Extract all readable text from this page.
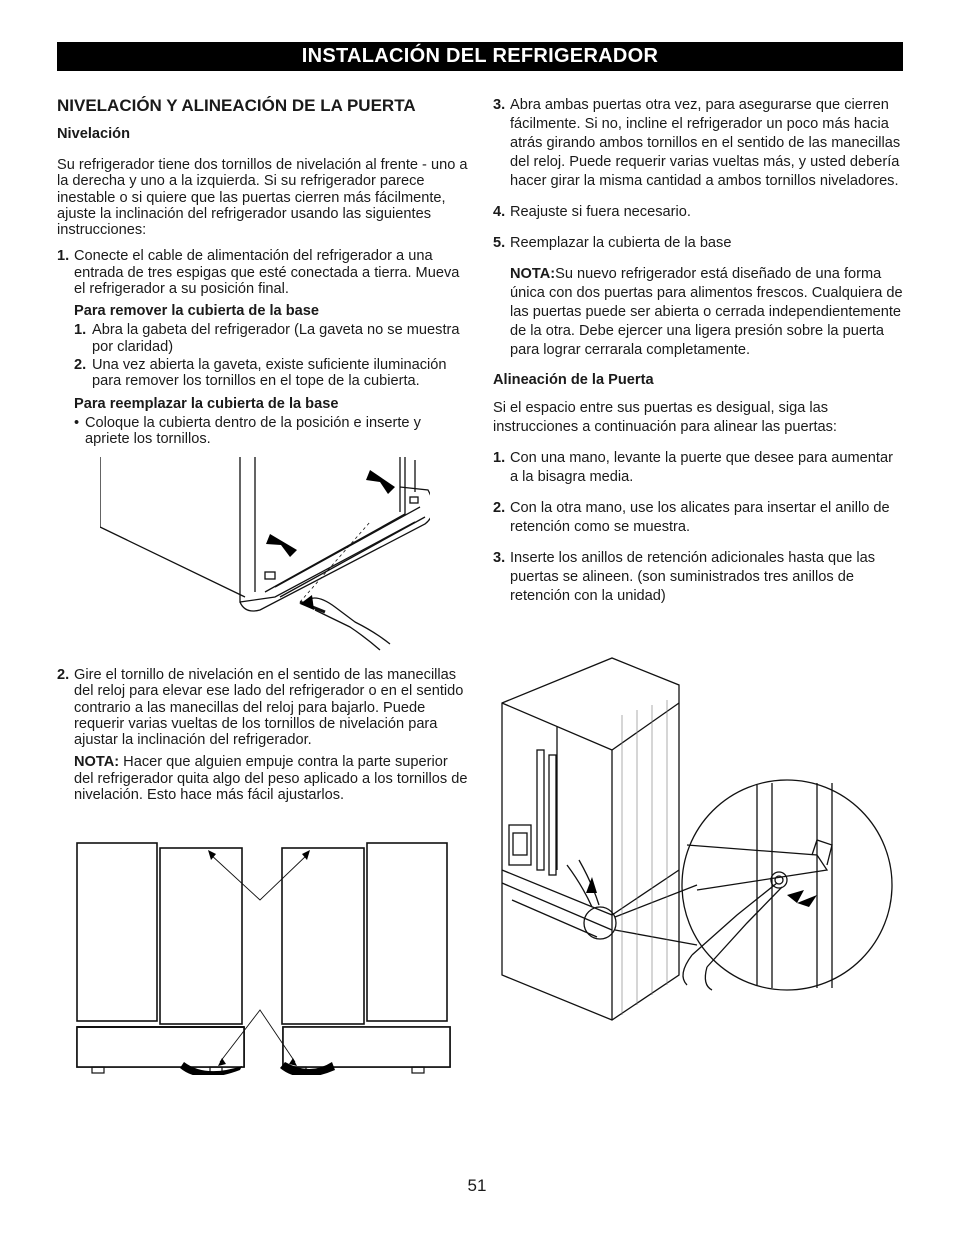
INSTALACIÓN DEL REFRIGERADOR
NIVELACIÓN Y ALINEACIÓN DE LA PUERTA
Nivelación

Su refrigerador tiene dos tornillos de nivelación al frente - uno a la derecha y uno a la izquierda. Si su refrigerador parece inestable o si quiere que las puertas cierren más fácilmente, ajuste la inclinación del refrigerador usando las siguientes instrucciones:

1. Conecte el cable de alimentación del refrigerador a una entrada de tres espigas que esté conectada a tierra. Mueva el refrigerador a su posición final.
Para remover la cubierta de la base
1. Abra la gabeta del refrigerador (La gaveta no se muestra por claridad)
2. Una vez abierta la gaveta, existe suficiente iluminación para remover los tornillos en el tope de la cubierta.
Para reemplazar la cubierta de la base
• Coloque la cubierta dentro de la posición e inserte y apriete los tornillos.
2. Gire el tornillo de nivelación en el sentido de las manecillas del reloj para elevar ese lado del refrigerador o en el sentido contrario a las manecillas del reloj para bajarlo. Puede requerir varias vueltas de los tornillos de nivelación para ajustar la inclinación del refrigerador.

NOTA: Hacer que alguien empuje contra la parte superior del refrigerador quita algo del peso aplicado a los tornillos de nivelación. Esto hace más fácil ajustarlos.

3. Abra ambas puertas otra vez, para asegurarse que cierren fácilmente. Si no, incline el refrigerador un poco más hacia atrás girando ambos tornillos en el sentido de las manecillas del reloj. Puede requerir varias vueltas más, y usted debería hacer girar la misma cantidad a ambos tornillos niveladores.
4. Reajuste si fuera necesario.
5. Reemplazar la cubierta de la base

NOTA:Su nuevo refrigerador está diseñado de una forma única con dos puertas para alimentos frescos. Cualquiera de las puertas puede ser abierta o cerrada independientemente de la otra. Debe ejercer una ligera presión sobre la puerta para lograr cerrarala completamente.

Alineación de la Puerta

Si el espacio entre sus puertas es desigual, siga las instrucciones a continuación para alinear las puertas:

1. Con una mano, levante la puerte que desee para aumentar a la bisagra media.
2. Con la otra mano, use los alicates para insertar el anillo de retención como se muestra.
3. Inserte los anillos de retención adicionales hasta que las puertas se alineen. (son suministrados tres anillos de retención con la unidad)
51
